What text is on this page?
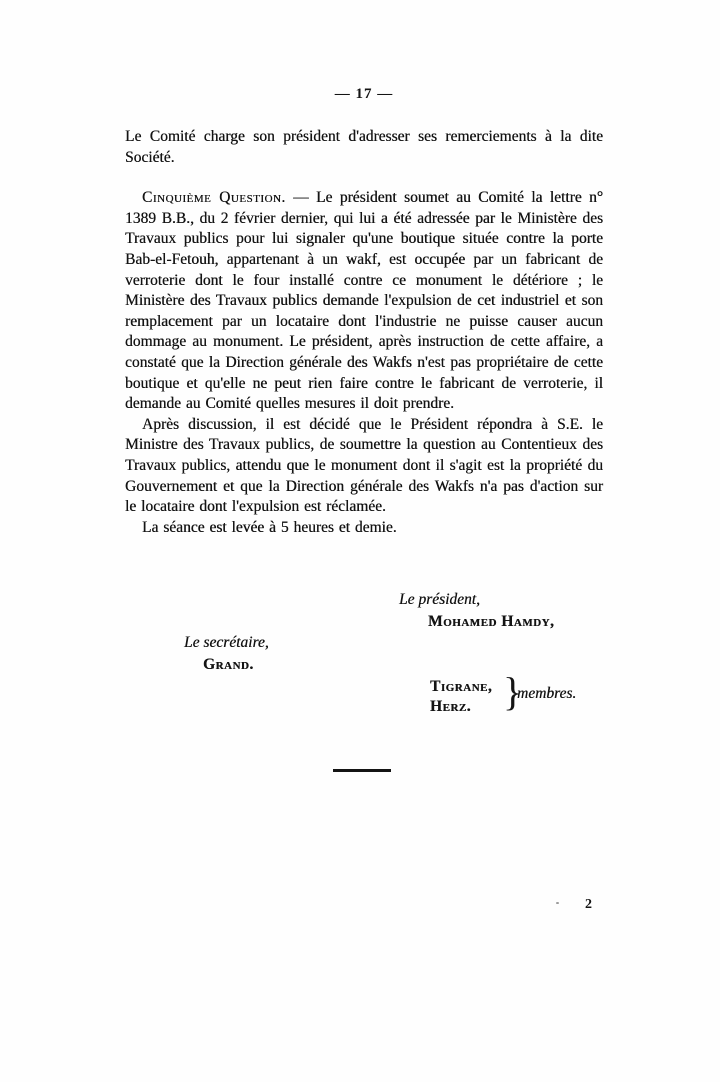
— 17 —

Le Comité charge son président d'adresser ses remerciements à la dite Société.

Cinquième Question. — Le président soumet au Comité la lettre n° 1389 B.B., du 2 février dernier, qui lui a été adressée par le Ministère des Travaux publics pour lui signaler qu'une boutique située contre la porte Bab-el-Fetouh, appartenant à un wakf, est occupée par un fabricant de verroterie dont le four installé contre ce monument le détériore ; le Ministère des Travaux publics demande l'expulsion de cet industriel et son remplacement par un locataire dont l'industrie ne puisse causer aucun dommage au monument. Le président, après instruction de cette affaire, a constaté que la Direction générale des Wakfs n'est pas propriétaire de cette boutique et qu'elle ne peut rien faire contre le fabricant de verroterie, il demande au Comité quelles mesures il doit prendre.

Après discussion, il est décidé que le Président répondra à S.E. le Ministre des Travaux publics, de soumettre la question au Contentieux des Travaux publics, attendu que le monument dont il s'agit est la propriété du Gouvernement et que la Direction générale des Wakfs n'a pas d'action sur le locataire dont l'expulsion est réclamée.

La séance est levée à 5 heures et demie.

Le président,
Mohamed Hamdy,
Le secrétaire,
Grand.
Tigrane,
Herz. }
membres.
2
